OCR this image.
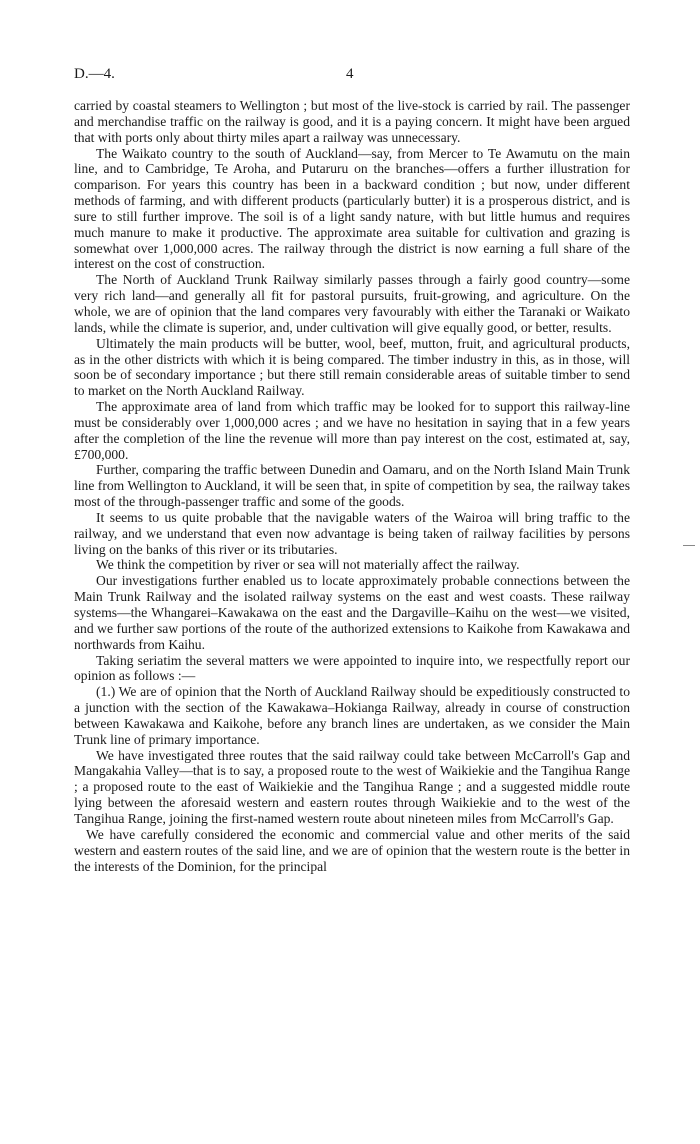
D.—4.	4

carried by coastal steamers to Wellington ; but most of the live-stock is carried by rail. The passenger and merchandise traffic on the railway is good, and it is a paying concern. It might have been argued that with ports only about thirty miles apart a railway was unnecessary.

The Waikato country to the south of Auckland—say, from Mercer to Te Awamutu on the main line, and to Cambridge, Te Aroha, and Putaruru on the branches—offers a further illustration for comparison. For years this country has been in a backward condition ; but now, under different methods of farming, and with different products (particularly butter) it is a prosperous district, and is sure to still further improve. The soil is of a light sandy nature, with but little humus and requires much manure to make it productive. The approximate area suitable for cultivation and grazing is somewhat over 1,000,000 acres. The railway through the district is now earning a full share of the interest on the cost of construction.

The North of Auckland Trunk Railway similarly passes through a fairly good country—some very rich land—and generally all fit for pastoral pursuits, fruit-growing, and agriculture. On the whole, we are of opinion that the land compares very favourably with either the Taranaki or Waikato lands, while the climate is superior, and, under cultivation will give equally good, or better, results.

Ultimately the main products will be butter, wool, beef, mutton, fruit, and agricultural products, as in the other districts with which it is being compared. The timber industry in this, as in those, will soon be of secondary importance ; but there still remain considerable areas of suitable timber to send to market on the North Auckland Railway.

The approximate area of land from which traffic may be looked for to support this railway-line must be considerably over 1,000,000 acres ; and we have no hesitation in saying that in a few years after the completion of the line the revenue will more than pay interest on the cost, estimated at, say, £700,000.

Further, comparing the traffic between Dunedin and Oamaru, and on the North Island Main Trunk line from Wellington to Auckland, it will be seen that, in spite of competition by sea, the railway takes most of the through-passenger traffic and some of the goods.

It seems to us quite probable that the navigable waters of the Wairoa will bring traffic to the railway, and we understand that even now advantage is being taken of railway facilities by persons living on the banks of this river or its tributaries.

We think the competition by river or sea will not materially affect the railway.

Our investigations further enabled us to locate approximately probable connections between the Main Trunk Railway and the isolated railway systems on the east and west coasts. These railway systems—the Whangarei–Kawakawa on the east and the Dargaville–Kaihu on the west—we visited, and we further saw portions of the route of the authorized extensions to Kaikohe from Kawakawa and northwards from Kaihu.

Taking seriatim the several matters we were appointed to inquire into, we respectfully report our opinion as follows :—

(1.) We are of opinion that the North of Auckland Railway should be expeditiously constructed to a junction with the section of the Kawakawa–Hokianga Railway, already in course of construction between Kawakawa and Kaikohe, before any branch lines are undertaken, as we consider the Main Trunk line of primary importance.

We have investigated three routes that the said railway could take between McCarroll's Gap and Mangakahia Valley—that is to say, a proposed route to the west of Waikiekie and the Tangihua Range ; a proposed route to the east of Waikiekie and the Tangihua Range ; and a suggested middle route lying between the aforesaid western and eastern routes through Waikiekie and to the west of the Tangihua Range, joining the first-named western route about nineteen miles from McCarroll's Gap.

We have carefully considered the economic and commercial value and other merits of the said western and eastern routes of the said line, and we are of opinion that the western route is the better in the interests of the Dominion, for the principal
